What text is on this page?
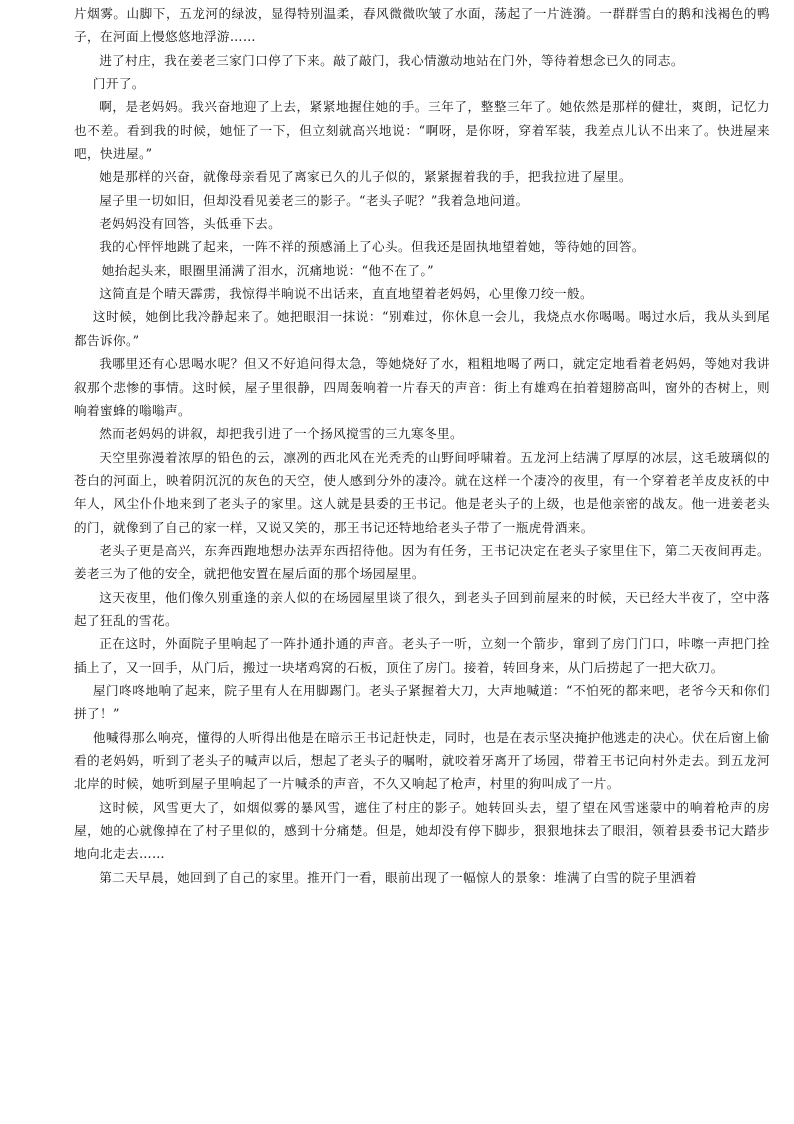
片烟雾。山脚下，五龙河的绿波，显得特别温柔，春风微微吹皱了水面，荡起了一片涟漪。一群群雪白的鹅和浅褐色的鸭子，在河面上慢悠悠地浮游……

进了村庄，我在姜老三家门口停了下来。敲了敲门，我心情激动地站在门外，等待着想念已久的同志。

门开了。

啊，是老妈妈。我兴奋地迎了上去，紧紧地握住她的手。三年了，整整三年了。她依然是那样的健壮，爽朗，记忆力也不差。看到我的时候，她怔了一下，但立刻就高兴地说：“啊呀，是你呀，穿着军装，我差点儿认不出来了。快进屋来吧，快进屋。”

她是那样的兴奋，就像母亲看见了离家已久的儿子似的，紧紧握着我的手，把我拉进了屋里。

屋子里一切如旧，但却没看见姜老三的影子。“老头子呢？”我着急地问道。

老妈妈没有回答，头低垂下去。

我的心怦怦地跳了起来，一阵不祥的预感涌上了心头。但我还是固执地望着她，等待她的回答。

她抬起头来，眼圈里涌满了泪水，沉痛地说：“他不在了。”

这简直是个晴天霹雳，我惊得半晌说不出话来，直直地望着老妈妈，心里像刀绞一般。

这时候，她倒比我冷静起来了。她把眼泪一抹说：“别难过，你休息一会儿，我烧点水你喝喝。喝过水后，我从头到尾都告诉你。”

我哪里还有心思喝水呢？但又不好追问得太急，等她烧好了水，粗粗地喝了两口，就定定地看着老妈妈，等她对我讲叙那个悲惨的事情。这时候，屋子里很静，四周轰响着一片春天的声音：街上有雄鸡在拍着翅膀高叫，窗外的杏树上，则响着蜜蜂的嗡嗡声。

然而老妈妈的讲叙，却把我引进了一个扬风搅雪的三九寒冬里。

天空里弥漫着浓厚的铅色的云，凛冽的西北风在光秃秃的山野间呼啸着。五龙河上结满了厚厚的冰层，这毛玻璃似的苍白的河面上，映着阴沉沉的灰色的天空，使人感到分外的凄冷。就在这样一个凄冷的夜里，有一个穿着老羊皮皮袄的中年人，风尘仆仆地来到了老头子的家里。这人就是县委的王书记。他是老头子的上级，也是他亲密的战友。他一进姜老头的门，就像到了自己的家一样，又说又笑的，那王书记还特地给老头子带了一瓶虎骨酒来。

老头子更是高兴，东奔西跑地想办法弄东西招待他。因为有任务，王书记决定在老头子家里住下，第二天夜间再走。姜老三为了他的安全，就把他安置在屋后面的那个场园屋里。

这天夜里，他们像久别重逢的亲人似的在场园屋里谈了很久，到老头子回到前屋来的时候，天已经大半夜了，空中落起了狂乱的雪花。

正在这时，外面院子里响起了一阵扑通扑通的声音。老头子一听，立刻一个箭步，窜到了房门门口，咔嚓一声把门拴插上了，又一回手，从门后，搬过一块堵鸡窝的石板，顶住了房门。接着，转回身来，从门后捞起了一把大砍刀。

屋门咚咚地响了起来，院子里有人在用脚踢门。老头子紧握着大刀，大声地喊道：“不怕死的都来吧，老爷今天和你们拼了！”

他喊得那么响亮，懂得的人听得出他是在暗示王书记赶快走，同时，也是在表示坚决掩护他逃走的决心。伏在后窗上偷看的老妈妈，听到了老头子的喊声以后，想起了老头子的嘱咐，就咬着牙离开了场园，带着王书记向村外走去。到五龙河北岸的时候，她听到屋子里响起了一片喊杀的声音，不久又响起了枪声，村里的狗叫成了一片。

这时候，风雪更大了，如烟似雾的暴风雪，遮住了村庄的影子。她转回头去，望了望在风雪迷蒙中的响着枪声的房屋，她的心就像掉在了村子里似的，感到十分痛楚。但是，她却没有停下脚步，狠狠地抹去了眼泪，领着县委书记大踏步地向北走去……

第二天早晨，她回到了自己的家里。推开门一看，眼前出现了一幅惊人的景象：堆满了白雪的院子里洒着
